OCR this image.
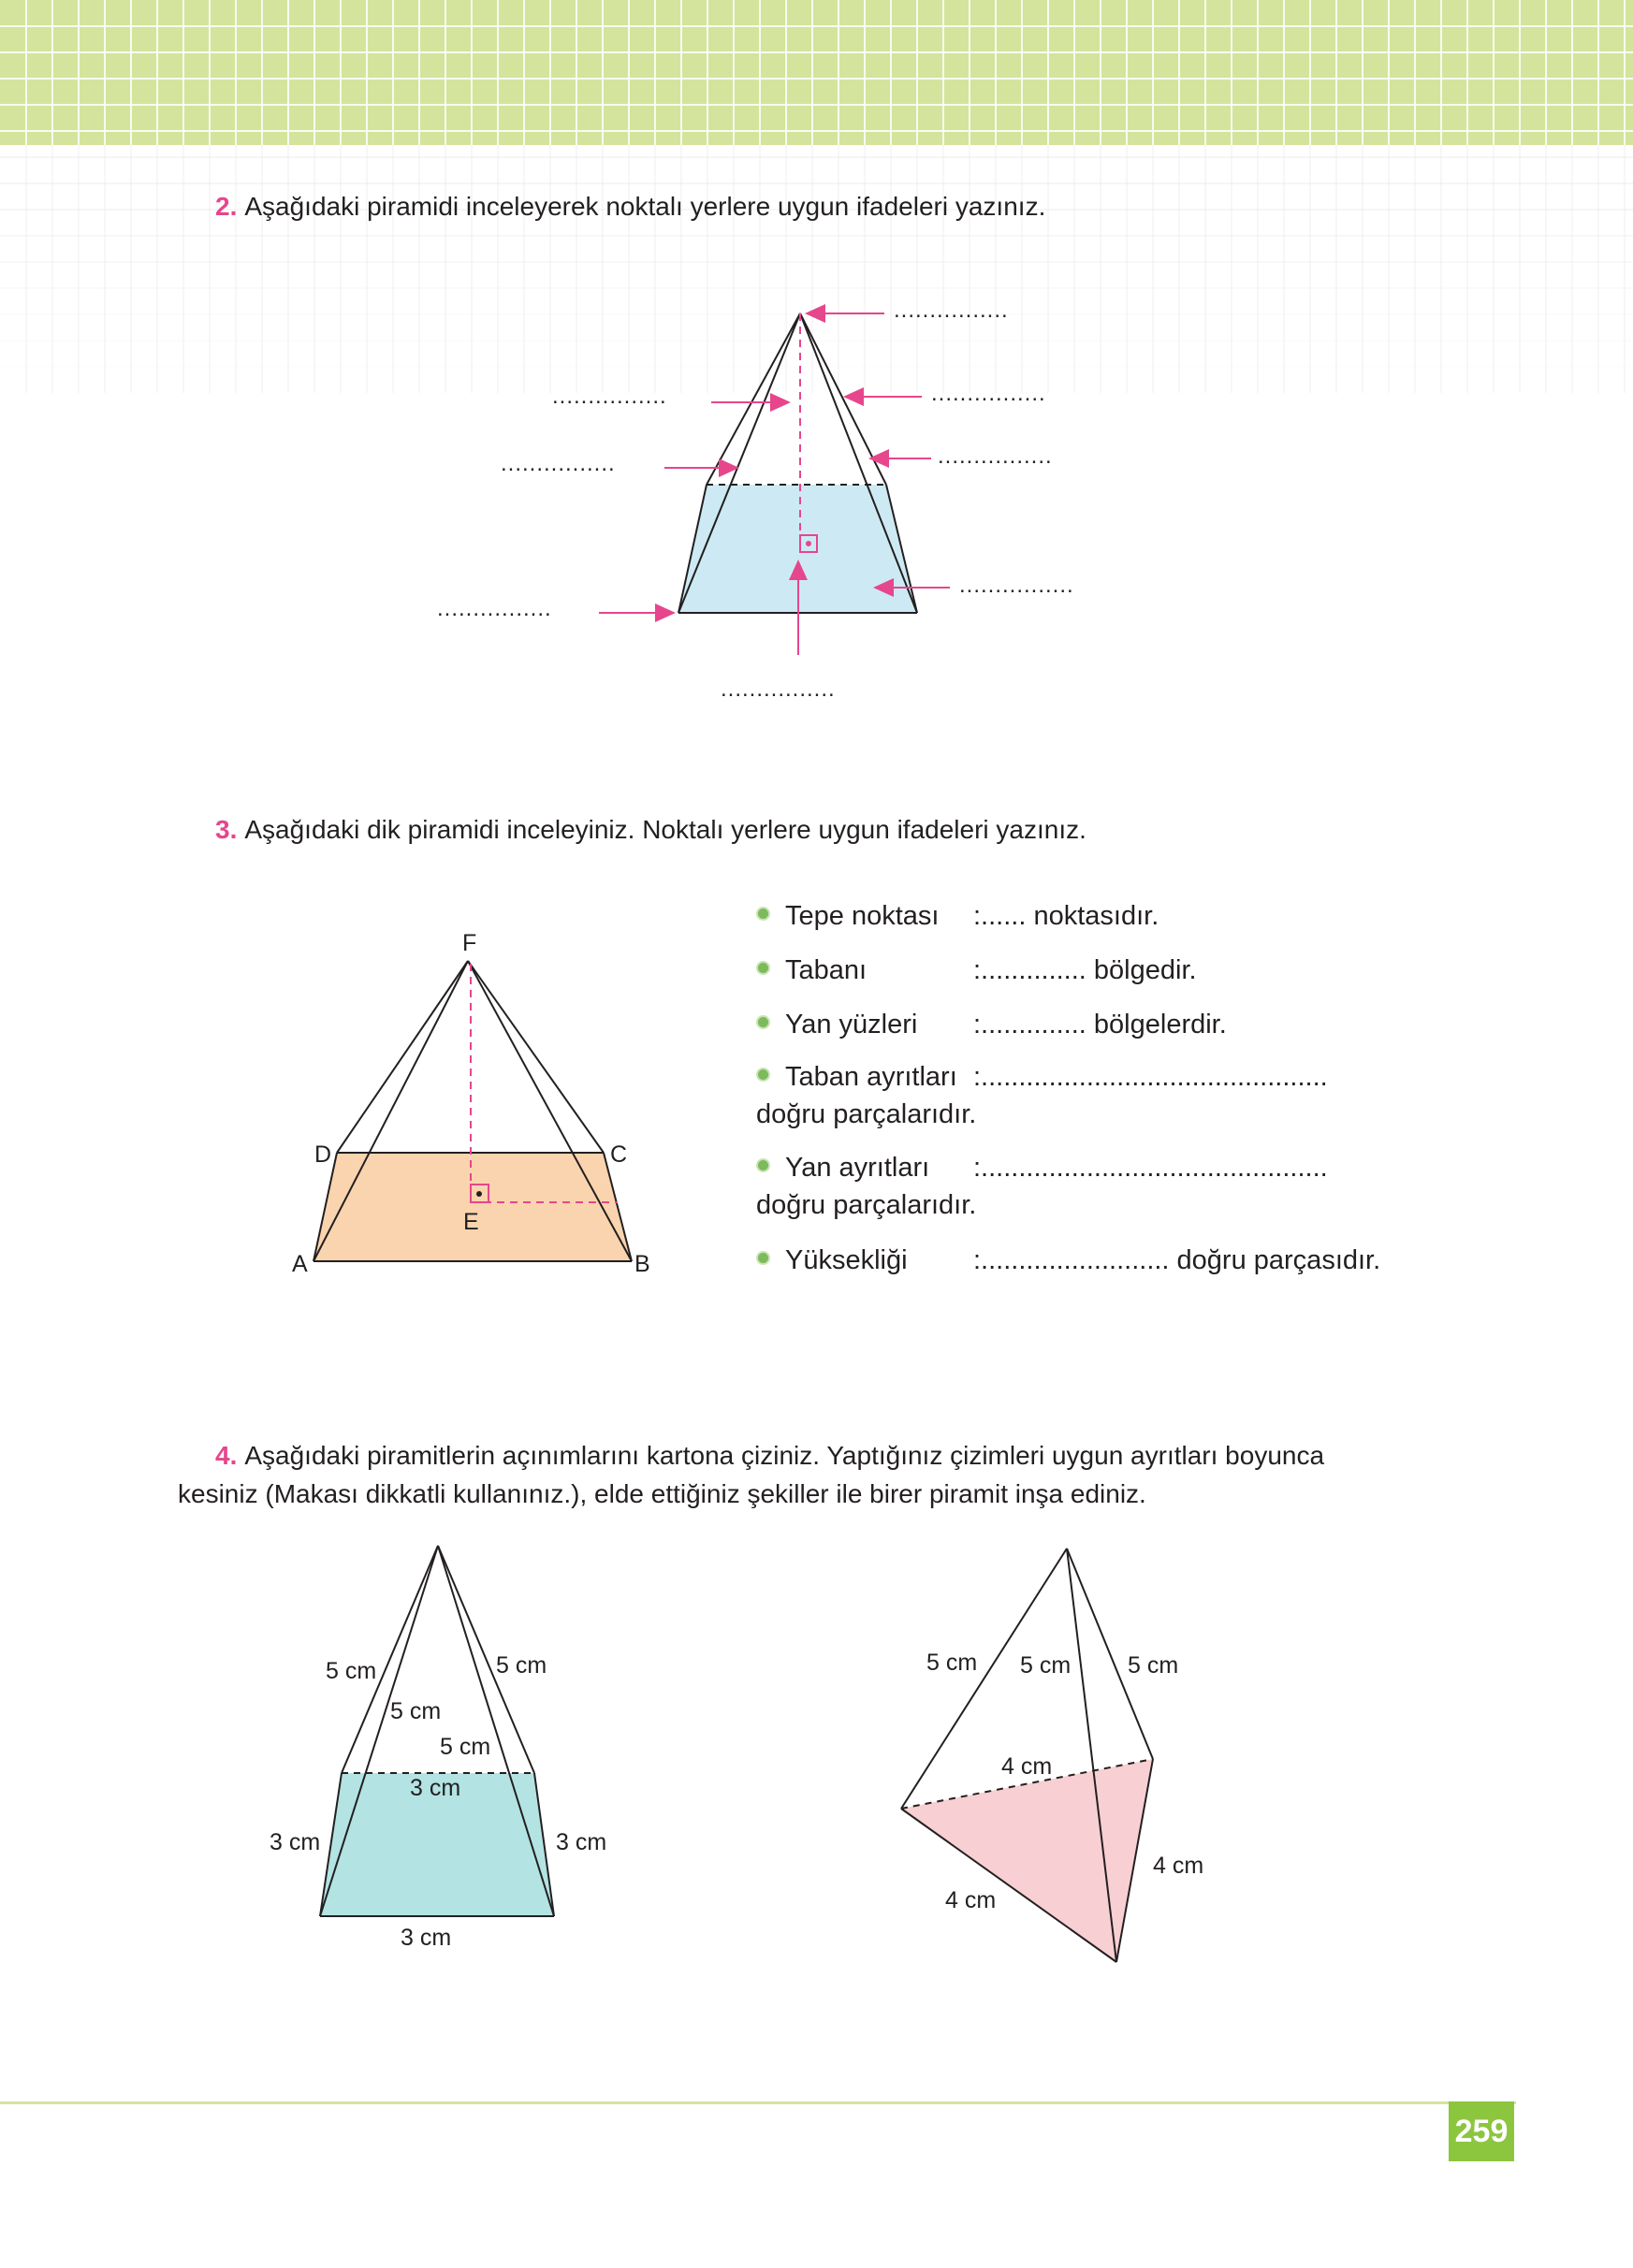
2. Aşağıdaki piramidi inceleyerek noktalı yerlere uygun ifadeleri yazınız.
................
................	................
................	................
................
................
................
3. Aşağıdaki dik piramidi inceleyiniz. Noktalı yerlere uygun ifadeleri yazınız.
F
D	C
E
A	B
Tepe noktası :...... noktasıdır.
Tabanı	:.............. bölgedir.
Yan yüzleri :.............. bölgelerdir.
Taban ayrıtları :..............................................
doğru parçalarıdır.
Yan ayrıtları :..............................................
doğru parçalarıdır.
Yüksekliği :......................... doğru parçasıdır.
4. Aşağıdaki piramitlerin açınımlarını kartona çiziniz. Yaptığınız çizimleri uygun ayrıtları boyunca
kesiniz (Makası dikkatli kullanınız.), elde ettiğiniz şekiller ile birer piramit inşa ediniz.
5 cm	5 cm
5 cm
5 cm
3 cm
3 cm	3 cm
3 cm
5 cm 5 cm 5 cm
4 cm
4 cm
4 cm
259
